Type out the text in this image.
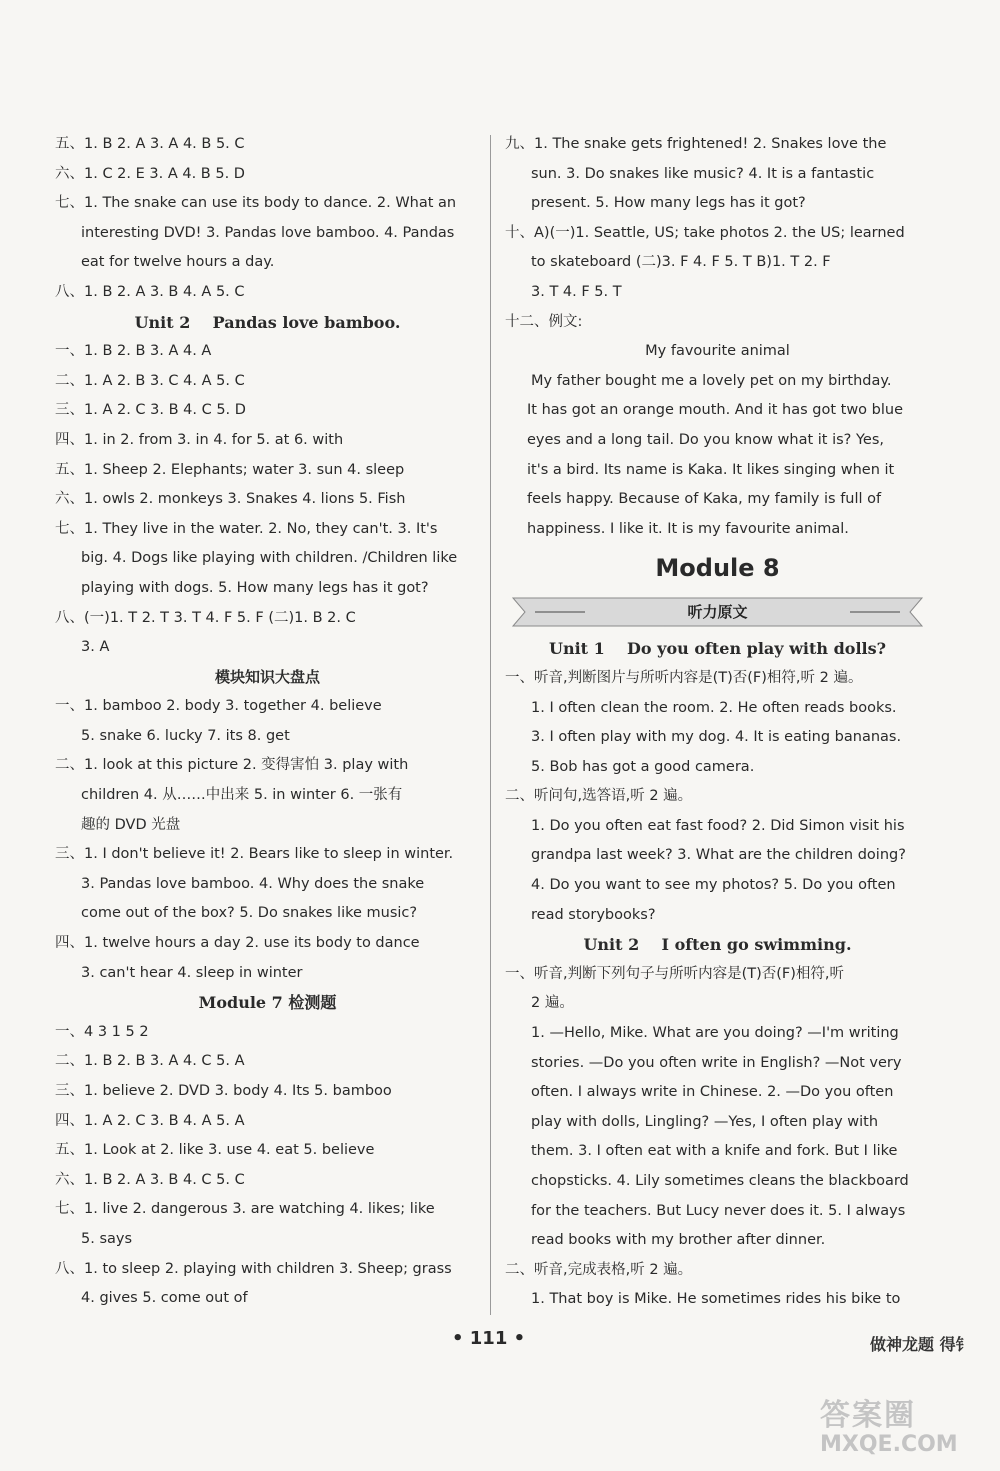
五、1. B 2. A 3. A 4. B 5. C
六、1. C 2. E 3. A 4. B 5. D
七、1. The snake can use its body to dance. 2. What an
interesting DVD! 3. Pandas love bamboo. 4. Pandas
eat for twelve hours a day.
八、1. B 2. A 3. B 4. A 5. C
Unit 2    Pandas love bamboo.
一、1. B 2. B 3. A 4. A
二、1. A 2. B 3. C 4. A 5. C
三、1. A 2. C 3. B 4. C 5. D
四、1. in 2. from 3. in 4. for 5. at 6. with
五、1. Sheep 2. Elephants; water 3. sun 4. sleep
六、1. owls 2. monkeys 3. Snakes 4. lions 5. Fish
七、1. They live in the water. 2. No, they can't. 3. It's
big. 4. Dogs like playing with children. /Children like
playing with dogs. 5. How many legs has it got?
八、(一)1. T 2. T 3. T 4. F 5. F (二)1. B 2. C
3. A
模块知识大盘点
一、1. bamboo 2. body 3. together 4. believe
5. snake 6. lucky 7. its 8. get
二、1. look at this picture 2. 变得害怕 3. play with
children 4. 从……中出来 5. in winter 6. 一张有
趣的 DVD 光盘
三、1. I don't believe it! 2. Bears like to sleep in winter.
3. Pandas love bamboo. 4. Why does the snake
come out of the box? 5. Do snakes like music?
四、1. twelve hours a day 2. use its body to dance
3. can't hear 4. sleep in winter
Module 7 检测题
一、4 3 1 5 2
二、1. B 2. B 3. A 4. C 5. A
三、1. believe 2. DVD 3. body 4. Its 5. bamboo
四、1. A 2. C 3. B 4. A 5. A
五、1. Look at 2. like 3. use 4. eat 5. believe
六、1. B 2. A 3. B 4. C 5. C
七、1. live 2. dangerous 3. are watching 4. likes; like
5. says
八、1. to sleep 2. playing with children 3. Sheep; grass
4. gives 5. come out of
九、1. The snake gets frightened! 2. Snakes love the
sun. 3. Do snakes like music? 4. It is a fantastic
present. 5. How many legs has it got?
十、A)(一)1. Seattle, US; take photos 2. the US; learned
to skateboard (二)3. F 4. F 5. T B)1. T 2. F
3. T 4. F 5. T
十二、例文:
My favourite animal
My father bought me a lovely pet on my birthday.
It has got an orange mouth. And it has got two blue
eyes and a long tail. Do you know what it is? Yes,
it's a bird. Its name is Kaka. It likes singing when it
feels happy. Because of Kaka, my family is full of
happiness. I like it. It is my favourite animal.
Module 8
听力原文
Unit 1    Do you often play with dolls?
一、听音,判断图片与所听内容是(T)否(F)相符,听 2 遍。
1. I often clean the room. 2. He often reads books.
3. I often play with my dog. 4. It is eating bananas.
5. Bob has got a good camera.
二、听问句,选答语,听 2 遍。
1. Do you often eat fast food? 2. Did Simon visit his
grandpa last week? 3. What are the children doing?
4. Do you want to see my photos? 5. Do you often
read storybooks?
Unit 2    I often go swimming.
一、听音,判断下列句子与所听内容是(T)否(F)相符,听
2 遍。
1. —Hello, Mike. What are you doing? —I'm writing
stories. —Do you often write in English? —Not very
often. I always write in Chinese. 2. —Do you often
play with dolls, Lingling? —Yes, I often play with
them. 3. I often eat with a knife and fork. But I like
chopsticks. 4. Lily sometimes cleans the blackboard
for the teachers. But Lucy never does it. 5. I always
read books with my brother after dinner.
二、听音,完成表格,听 2 遍。
1. That boy is Mike. He sometimes rides his bike to
• 111 •	做神龙题 得钅
答案圈
MXQE.COM
